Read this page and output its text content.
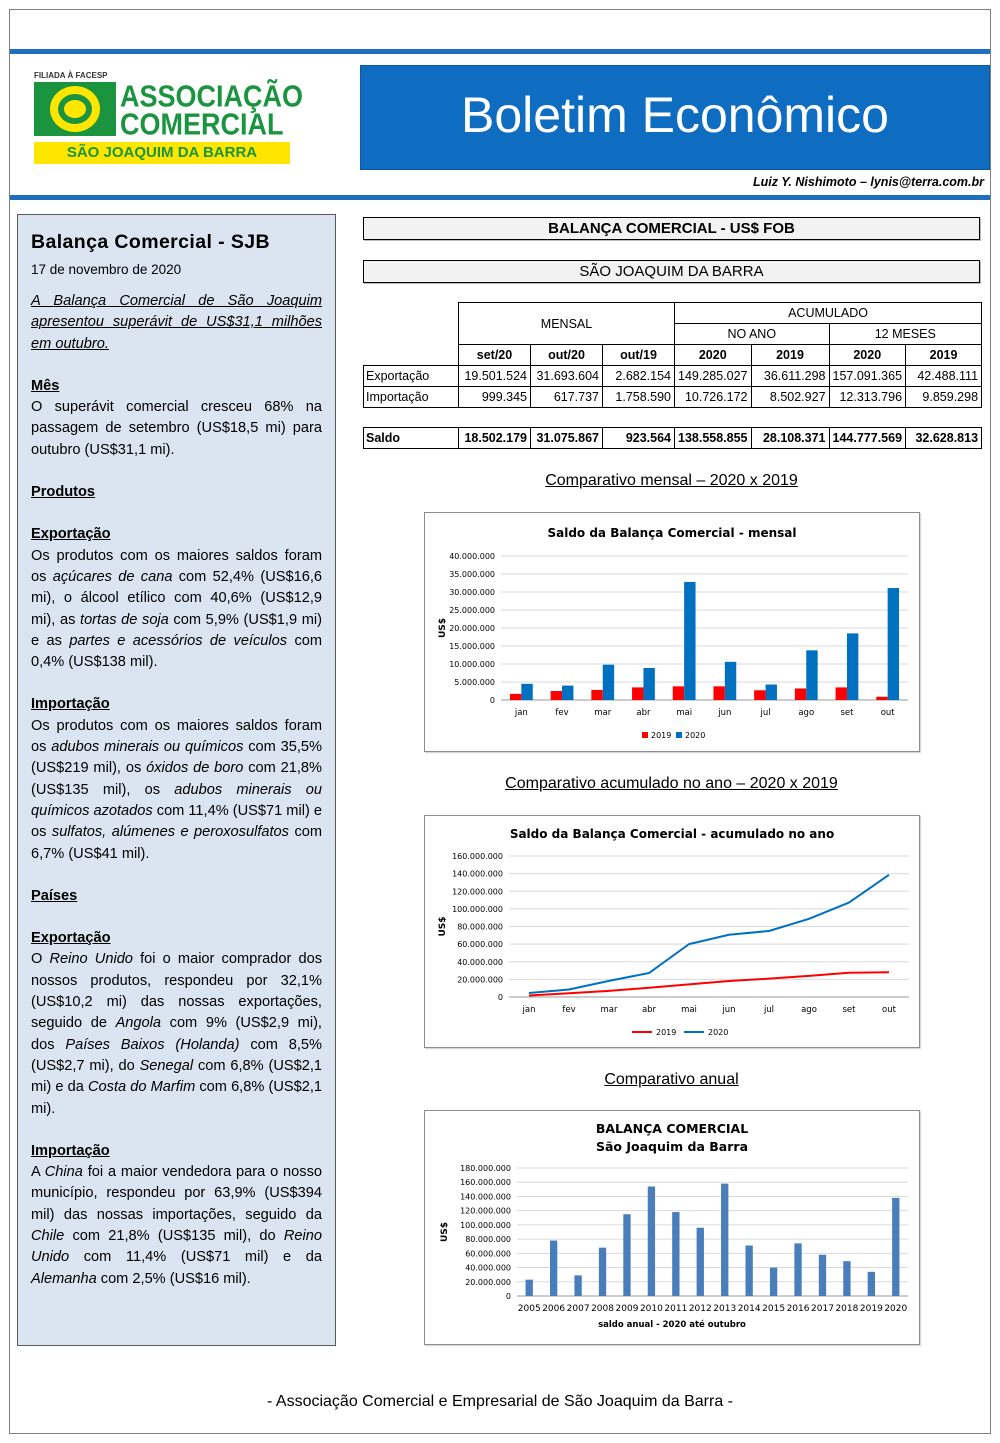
FILIADA À FACESP
ASSOCIAÇÃO
COMERCIAL
SÃO JOAQUIM DA BARRA
Boletim Econômico
Luiz Y. Nishimoto – lynis@terra.com.br
Balança Comercial - SJB
17 de novembro de 2020

A Balança Comercial de São Joaquim apresentou superávit de US$31,1 milhões em outubro.

Mês

O superávit comercial cresceu 68% na passagem de setembro (US$18,5 mi) para outubro (US$31,1 mi).

Produtos
Exportação

Os produtos com os maiores saldos foram os açúcares de cana com 52,4% (US$16,6 mi), o álcool etílico com 40,6% (US$12,9 mi), as tortas de soja com 5,9% (US$1,9 mi) e as partes e acessórios de veículos com 0,4% (US$138 mil).

Importação

Os produtos com os maiores saldos foram os adubos minerais ou químicos com 35,5% (US$219 mil), os óxidos de boro com 21,8% (US$135 mil), os adubos minerais ou químicos azotados com 11,4% (US$71 mil) e os sulfatos, alúmenes e peroxosulfatos com 6,7% (US$41 mil).

Países
Exportação

O Reino Unido foi o maior comprador dos nossos produtos, respondeu por 32,1% (US$10,2 mi) das nossas exportações, seguido de Angola com 9% (US$2,9 mi), dos Países Baixos (Holanda) com 8,5% (US$2,7 mi), do Senegal com 6,8% (US$2,1 mi) e da Costa do Marfim com 6,8% (US$2,1 mi).

Importação

A China foi a maior vendedora para o nosso município, respondeu por 63,9% (US$394 mil) das nossas importações, seguido da Chile com 21,8% (US$135 mil), do Reino Unido com 11,4% (US$71 mil) e da Alemanha com 2,5% (US$16 mil).

BALANÇA COMERCIAL - US$ FOB
SÃO JOAQUIM DA BARRA
	MENSAL			ACUMULADO			
				NO ANO		12 MESES	
	set/20	out/20	out/19	2020	2019	2020	2019
Exportação	19.501.524	31.693.604	2.682.154	149.285.027	36.611.298	157.091.365	42.488.111
Importação	999.345	617.737	1.758.590	10.726.172	8.502.927	12.313.796	9.859.298

Saldo	18.502.179	31.075.867	923.564	138.558.855	28.108.371	144.777.569	32.628.813
Comparativo mensal – 2020 x 2019
Comparativo acumulado no ano – 2020 x 2019
Comparativo anual
Saldo da Balança Comercial - mensal
0
5.000.000
10.000.000
15.000.000
20.000.000
25.000.000
30.000.000
35.000.000
40.000.000
US$
jan	fev	mar	abr	mai	jun	jul	ago	set	out
2019 2020
Saldo da Balança Comercial - acumulado no ano
0
20.000.000
40.000.000
60.000.000
80.000.000
100.000.000
120.000.000
140.000.000
160.000.000
US$
jan	fev	mar	abr	mai	jun	jul	ago	set	out
2019	2020
BALANÇA COMERCIAL
São Joaquim da Barra
0
20.000.000
40.000.000
60.000.000
80.000.000
100.000.000
120.000.000
140.000.000
160.000.000
180.000.000
US$
2005 2006 2007 2008 2009 2010 2011 2012 2013 2014 2015 2016 2017 2018 2019 2020
saldo anual - 2020 até outubro
- Associação Comercial e Empresarial de São Joaquim da Barra -
